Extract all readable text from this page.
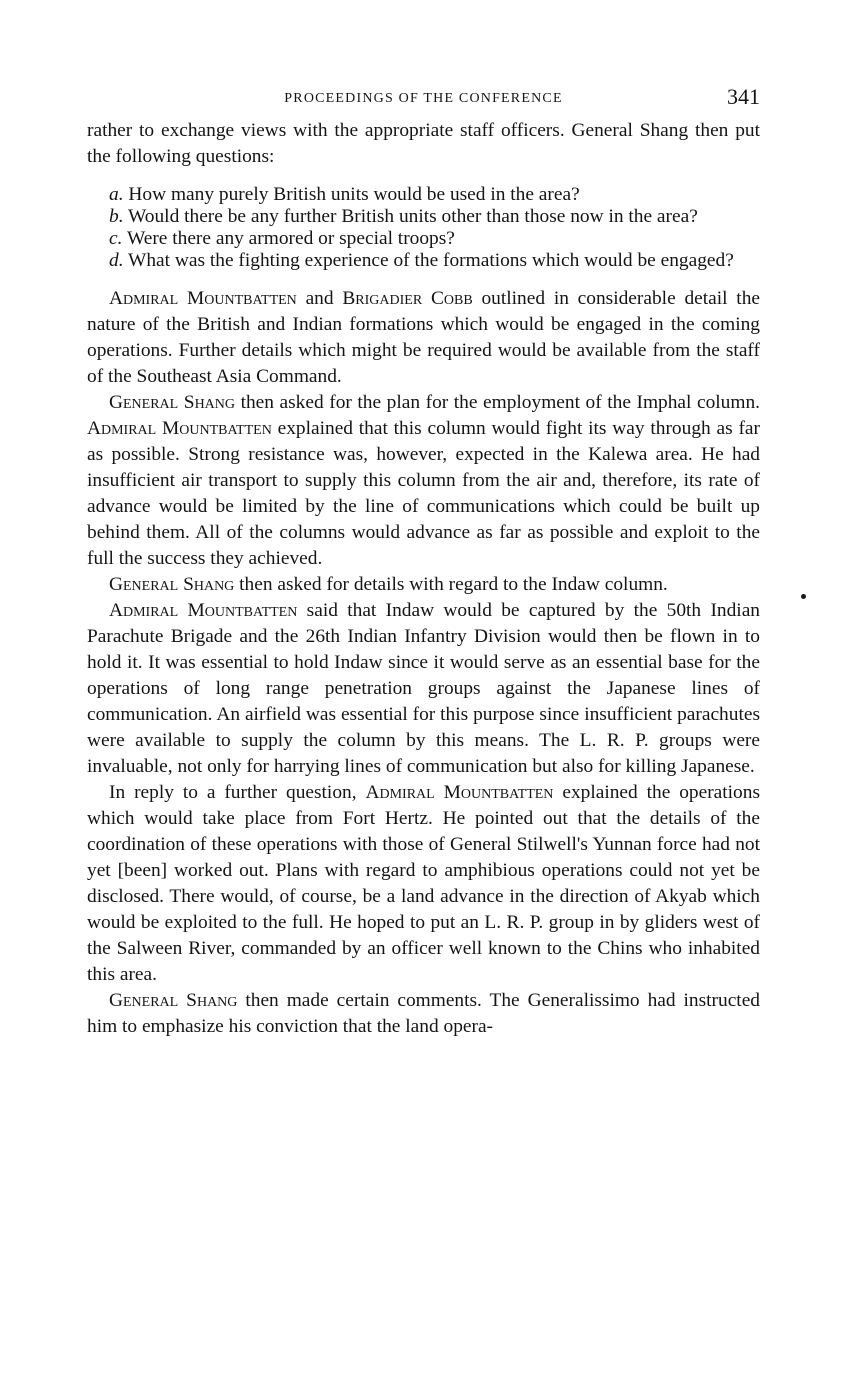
PROCEEDINGS OF THE CONFERENCE	341

rather to exchange views with the appropriate staff officers. General Shang then put the following questions:

a. How many purely British units would be used in the area?

b. Would there be any further British units other than those now in the area?

c. Were there any armored or special troops?

d. What was the fighting experience of the formations which would be engaged?

Admiral Mountbatten and Brigadier Cobb outlined in considerable detail the nature of the British and Indian formations which would be engaged in the coming operations. Further details which might be required would be available from the staff of the Southeast Asia Command.

General Shang then asked for the plan for the employment of the Imphal column. Admiral Mountbatten explained that this column would fight its way through as far as possible. Strong resistance was, however, expected in the Kalewa area. He had insufficient air transport to supply this column from the air and, therefore, its rate of advance would be limited by the line of communications which could be built up behind them. All of the columns would advance as far as possible and exploit to the full the success they achieved.

General Shang then asked for details with regard to the Indaw column.

Admiral Mountbatten said that Indaw would be captured by the 50th Indian Parachute Brigade and the 26th Indian Infantry Division would then be flown in to hold it. It was essential to hold Indaw since it would serve as an essential base for the operations of long range penetration groups against the Japanese lines of communication. An airfield was essential for this purpose since insufficient parachutes were available to supply the column by this means. The L. R. P. groups were invaluable, not only for harrying lines of communication but also for killing Japanese.

In reply to a further question, Admiral Mountbatten explained the operations which would take place from Fort Hertz. He pointed out that the details of the coordination of these operations with those of General Stilwell's Yunnan force had not yet [been] worked out. Plans with regard to amphibious operations could not yet be disclosed. There would, of course, be a land advance in the direction of Akyab which would be exploited to the full. He hoped to put an L. R. P. group in by gliders west of the Salween River, commanded by an officer well known to the Chins who inhabited this area.

General Shang then made certain comments. The Generalissimo had instructed him to emphasize his conviction that the land opera-
